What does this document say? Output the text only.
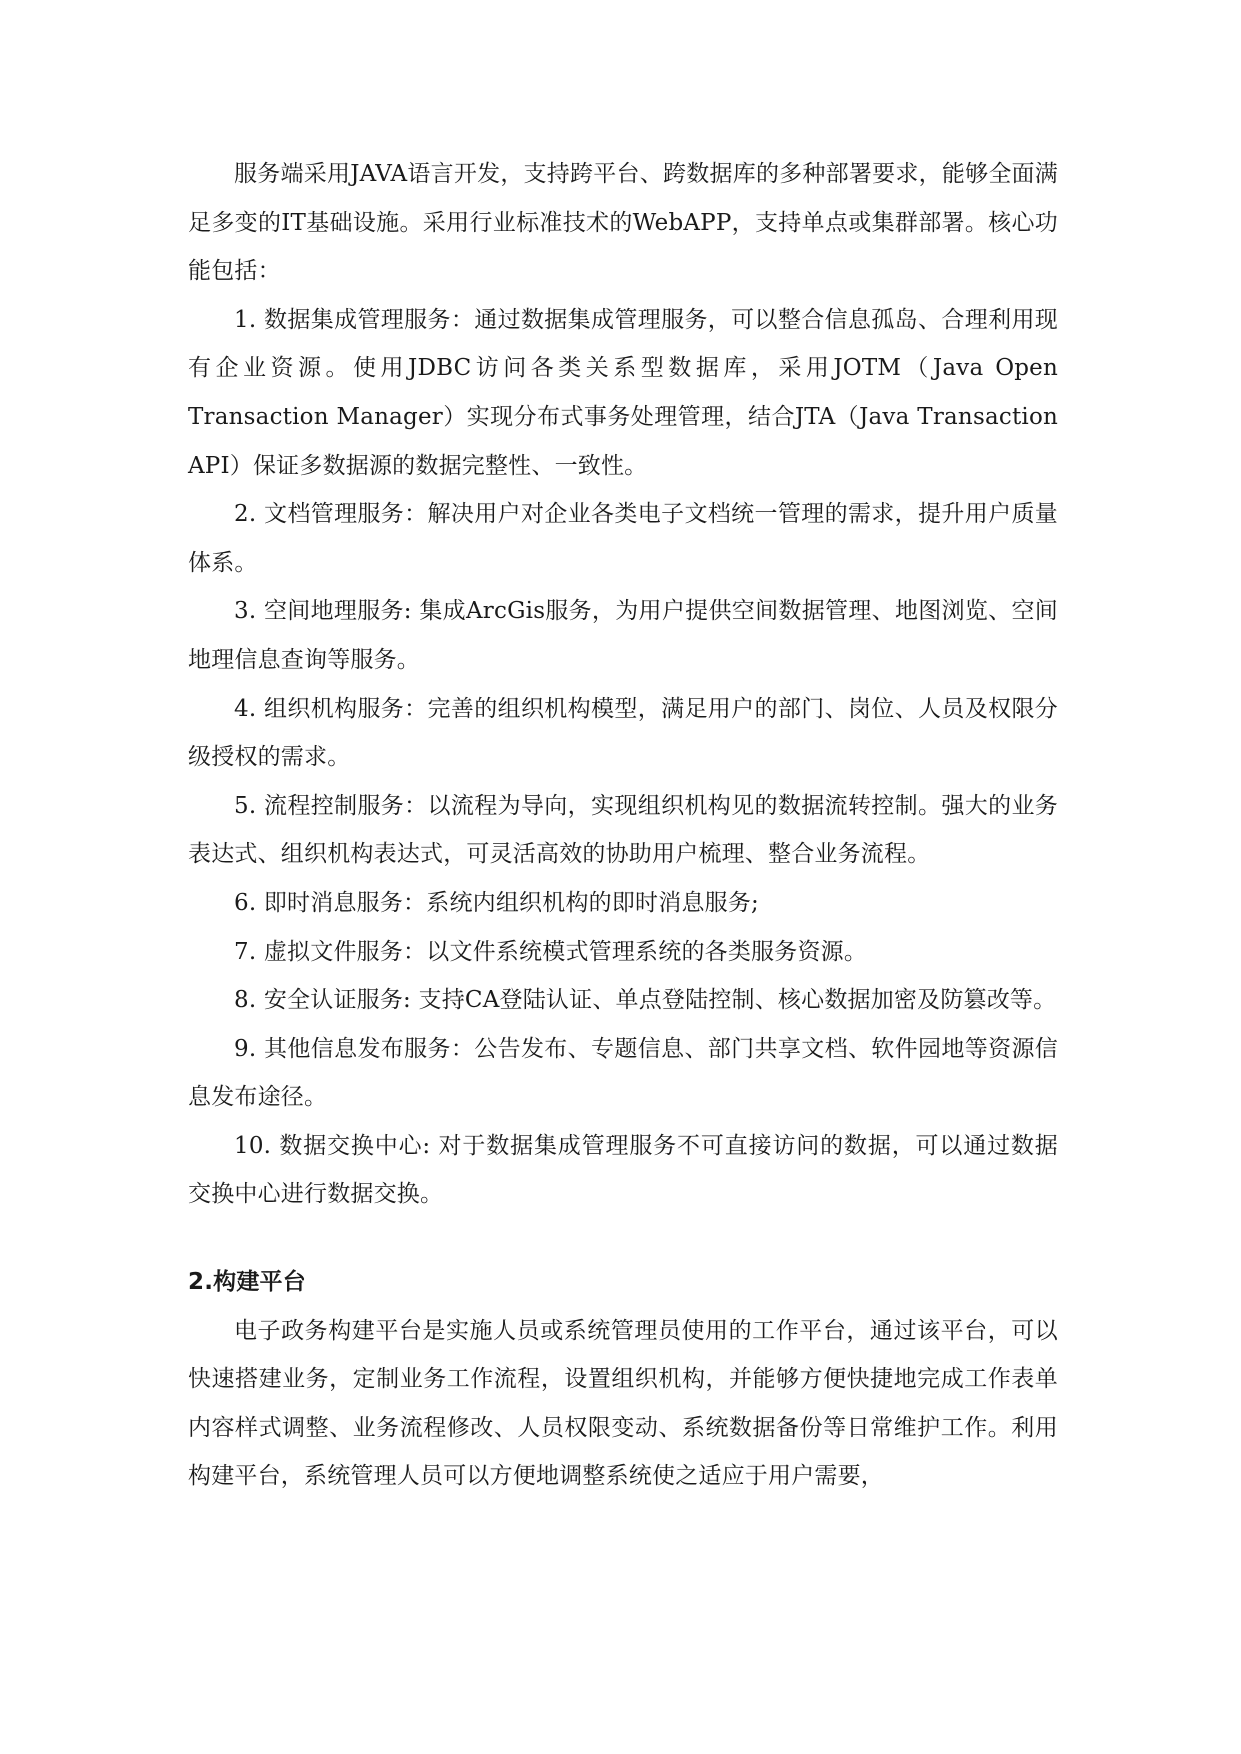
服务端采用JAVA语言开发，支持跨平台、跨数据库的多种部署要求，能够全面满足多变的IT基础设施。采用行业标准技术的WebAPP，支持单点或集群部署。核心功能包括：

1. 数据集成管理服务：通过数据集成管理服务，可以整合信息孤岛、合理利用现有企业资源。使用JDBC访问各类关系型数据库，采用JOTM（Java Open Transaction Manager）实现分布式事务处理管理，结合JTA（Java Transaction API）保证多数据源的数据完整性、一致性。

2. 文档管理服务：解决用户对企业各类电子文档统一管理的需求，提升用户质量体系。

3. 空间地理服务: 集成ArcGis服务，为用户提供空间数据管理、地图浏览、空间地理信息查询等服务。

4. 组织机构服务：完善的组织机构模型，满足用户的部门、岗位、人员及权限分级授权的需求。

5. 流程控制服务：以流程为导向，实现组织机构见的数据流转控制。强大的业务表达式、组织机构表达式，可灵活高效的协助用户梳理、整合业务流程。

6. 即时消息服务：系统内组织机构的即时消息服务;

7. 虚拟文件服务：以文件系统模式管理系统的各类服务资源。

8. 安全认证服务: 支持CA登陆认证、单点登陆控制、核心数据加密及防篡改等。

9. 其他信息发布服务：公告发布、专题信息、部门共享文档、软件园地等资源信息发布途径。

10. 数据交换中心: 对于数据集成管理服务不可直接访问的数据，可以通过数据交换中心进行数据交换。

2.构建平台

电子政务构建平台是实施人员或系统管理员使用的工作平台，通过该平台，可以快速搭建业务，定制业务工作流程，设置组织机构，并能够方便快捷地完成工作表单内容样式调整、业务流程修改、人员权限变动、系统数据备份等日常维护工作。利用构建平台，系统管理人员可以方便地调整系统使之适应于用户需要，
